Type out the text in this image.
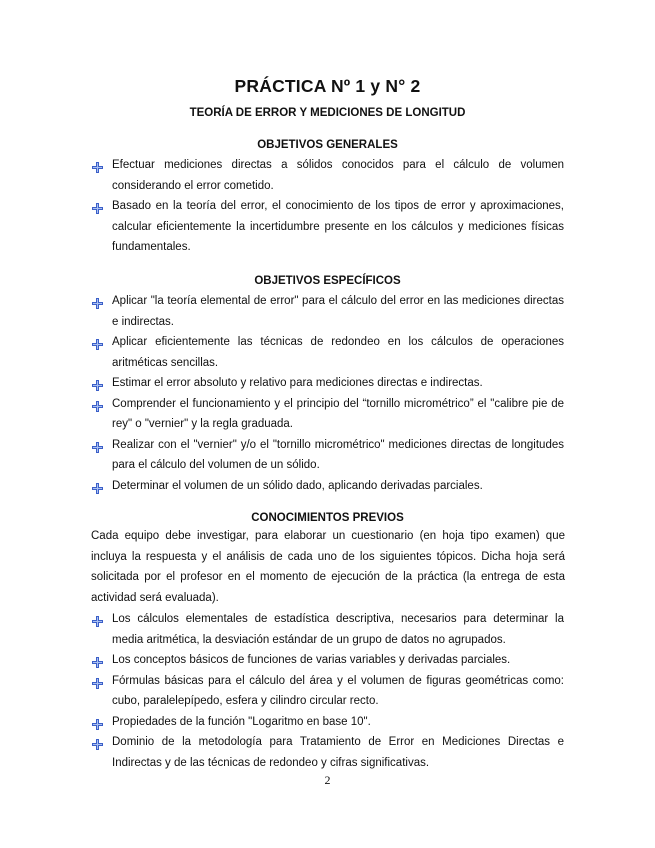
PRÁCTICA Nº 1 y N° 2
TEORÍA DE ERROR Y MEDICIONES DE LONGITUD
OBJETIVOS GENERALES
Efectuar mediciones directas a sólidos conocidos para el cálculo de volumen considerando el error cometido.
Basado en la teoría del error, el conocimiento de los tipos de error y aproximaciones, calcular eficientemente la incertidumbre presente en los cálculos y mediciones físicas fundamentales.
OBJETIVOS ESPECÍFICOS
Aplicar "la teoría elemental de error" para el cálculo del error en las mediciones directas e indirectas.
Aplicar eficientemente las técnicas de redondeo en los cálculos de operaciones aritméticas sencillas.
Estimar el error absoluto y relativo para mediciones directas e indirectas.
Comprender el funcionamiento y el principio del “tornillo micrométrico” el "calibre pie de rey" o "vernier" y la regla graduada.
Realizar con el "vernier" y/o el "tornillo micrométrico" mediciones directas de longitudes para el cálculo del volumen de un sólido.
Determinar el volumen de un sólido dado, aplicando derivadas parciales.
CONOCIMIENTOS PREVIOS
Cada equipo debe investigar, para elaborar un cuestionario (en hoja tipo examen) que incluya la respuesta y el análisis de cada uno de los siguientes tópicos. Dicha hoja será solicitada por el profesor en el momento de ejecución de la práctica (la entrega de esta actividad será evaluada).
Los cálculos elementales de estadística descriptiva, necesarios para determinar la media aritmética, la desviación estándar de un grupo de datos no agrupados.
Los conceptos básicos de funciones de varias variables y derivadas parciales.
Fórmulas básicas para el cálculo del área y el volumen de figuras geométricas como: cubo, paralelepípedo, esfera y cilindro circular recto.
Propiedades de la función "Logaritmo en base 10".
Dominio de la metodología para Tratamiento de Error en Mediciones Directas e Indirectas y de las técnicas de redondeo y cifras significativas.
2
